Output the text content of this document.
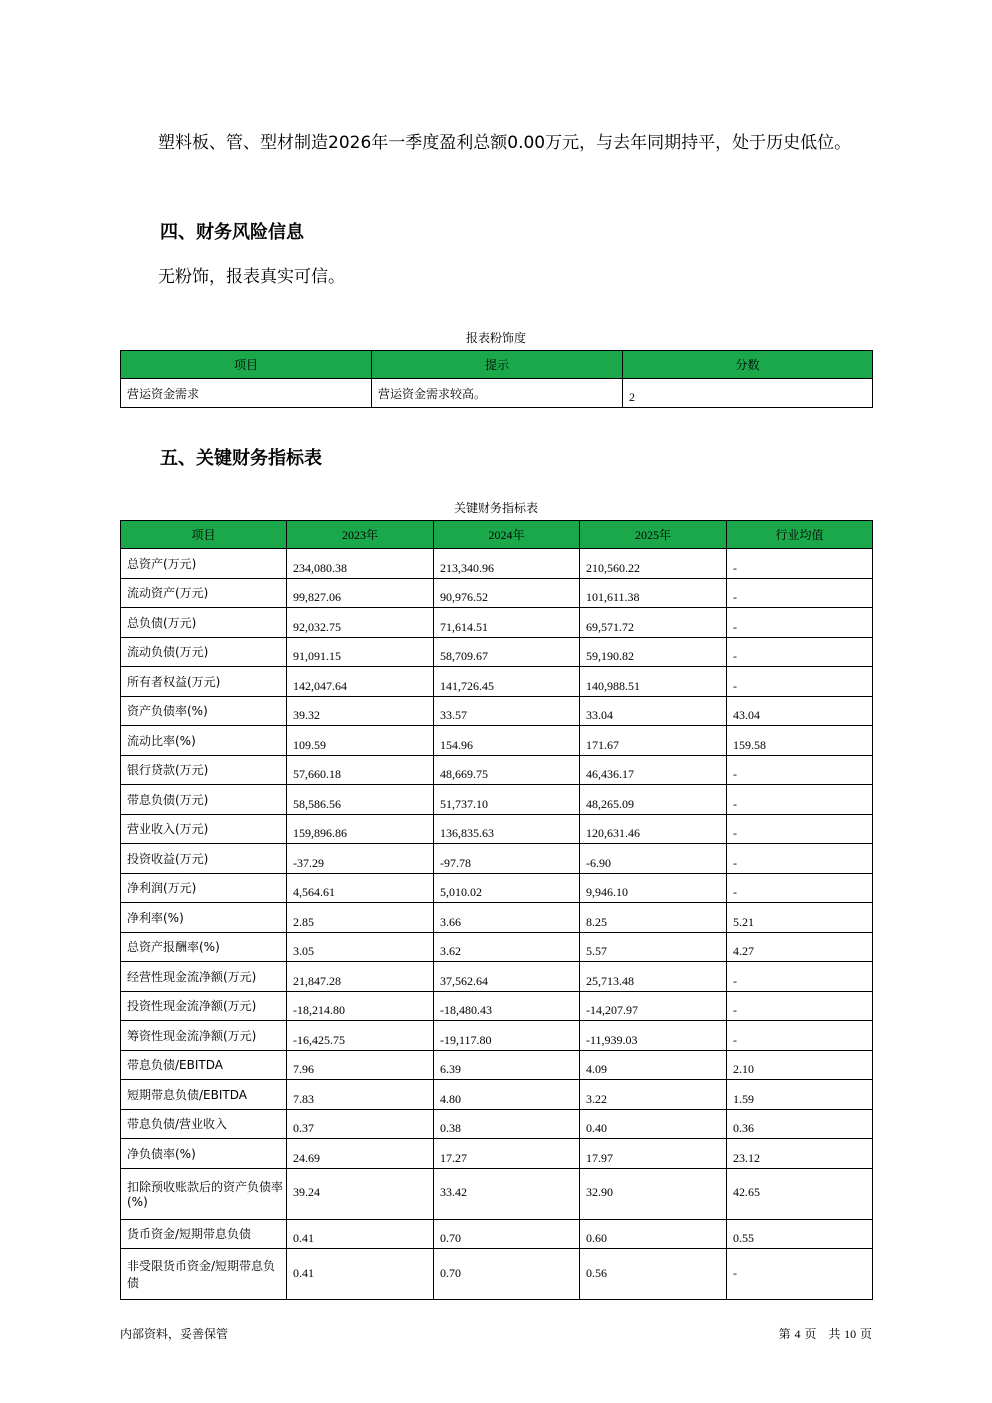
塑料板、管、型材制造2026年一季度盈利总额0.00万元，与去年同期持平，处于历史低位。
四、财务风险信息
无粉饰，报表真实可信。
报表粉饰度
项目	提示	分数
营运资金需求	营运资金需求较高。	2
五、关键财务指标表
关键财务指标表
项目	2023年	2024年	2025年	行业均值
总资产(万元)	234,080.38	213,340.96	210,560.22	-
流动资产(万元)	99,827.06	90,976.52	101,611.38	-
总负债(万元)	92,032.75	71,614.51	69,571.72	-
流动负债(万元)	91,091.15	58,709.67	59,190.82	-
所有者权益(万元)	142,047.64	141,726.45	140,988.51	-
资产负债率(%)	39.32	33.57	33.04	43.04
流动比率(%)	109.59	154.96	171.67	159.58
银行贷款(万元)	57,660.18	48,669.75	46,436.17	-
带息负债(万元)	58,586.56	51,737.10	48,265.09	-
营业收入(万元)	159,896.86	136,835.63	120,631.46	-
投资收益(万元)	-37.29	-97.78	-6.90	-
净利润(万元)	4,564.61	5,010.02	9,946.10	-
净利率(%)	2.85	3.66	8.25	5.21
总资产报酬率(%)	3.05	3.62	5.57	4.27
经营性现金流净额(万元)	21,847.28	37,562.64	25,713.48	-
投资性现金流净额(万元)	-18,214.80	-18,480.43	-14,207.97	-
筹资性现金流净额(万元)	-16,425.75	-19,117.80	-11,939.03	-
带息负债/EBITDA	7.96	6.39	4.09	2.10
短期带息负债/EBITDA	7.83	4.80	3.22	1.59
带息负债/营业收入	0.37	0.38	0.40	0.36
净负债率(%)	24.69	17.27	17.97	23.12
扣除预收账款后的资产负债率(%)	39.24	33.42	32.90	42.65
货币资金/短期带息负债	0.41	0.70	0.60	0.55
非受限货币资金/短期带息负债	0.41	0.70	0.56	-
内部资料，妥善保管	第 4 页　共 10 页
